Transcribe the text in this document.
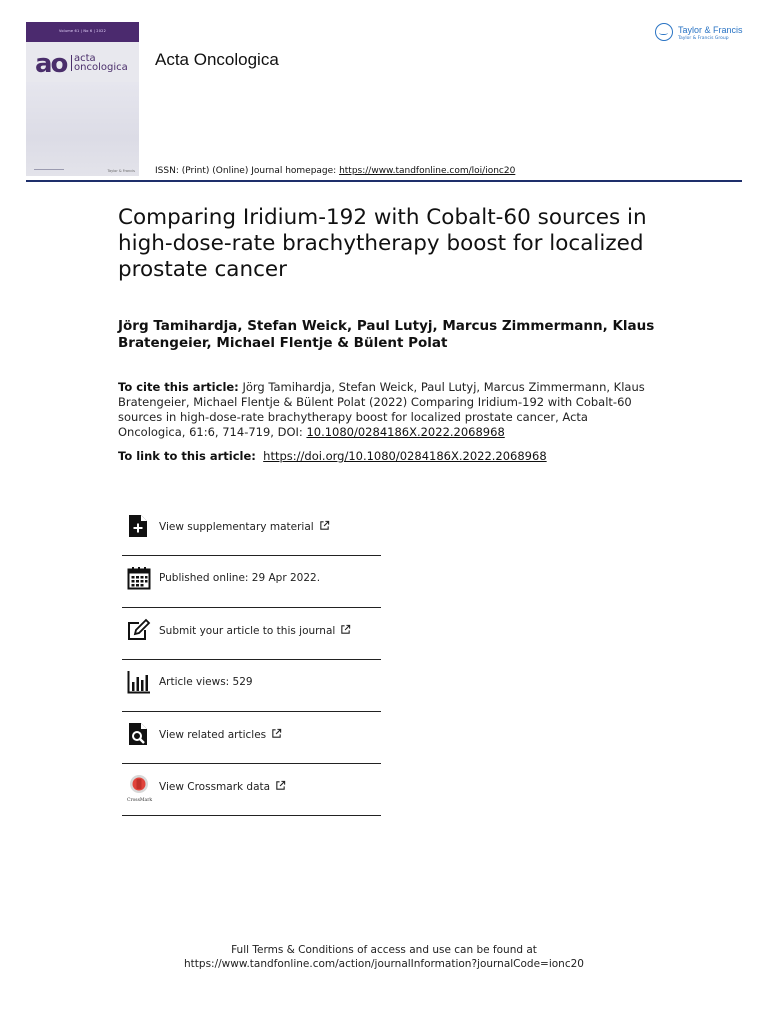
Volume 61 | No 6 | 2022
ao acta
oncologica
Taylor & Francis
Acta Oncologica
ISSN: (Print) (Online) Journal homepage: https://www.tandfonline.com/loi/ionc20
Taylor & Francis
Taylor & Francis Group
Comparing Iridium-192 with Cobalt-60 sources in high-dose-rate brachytherapy boost for localized prostate cancer
Jörg Tamihardja, Stefan Weick, Paul Lutyj, Marcus Zimmermann, Klaus Bratengeier, Michael Flentje & Bülent Polat
To cite this article: Jörg Tamihardja, Stefan Weick, Paul Lutyj, Marcus Zimmermann, Klaus Bratengeier, Michael Flentje & Bülent Polat (2022) Comparing Iridium-192 with Cobalt-60 sources in high-dose-rate brachytherapy boost for localized prostate cancer, Acta Oncologica, 61:6, 714-719, DOI: 10.1080/0284186X.2022.2068968
To link to this article: https://doi.org/10.1080/0284186X.2022.2068968
View supplementary material
Published online: 29 Apr 2022.
Submit your article to this journal
Article views: 529
View related articles
CrossMark
View Crossmark data
Full Terms & Conditions of access and use can be found at
https://www.tandfonline.com/action/journalInformation?journalCode=ionc20
